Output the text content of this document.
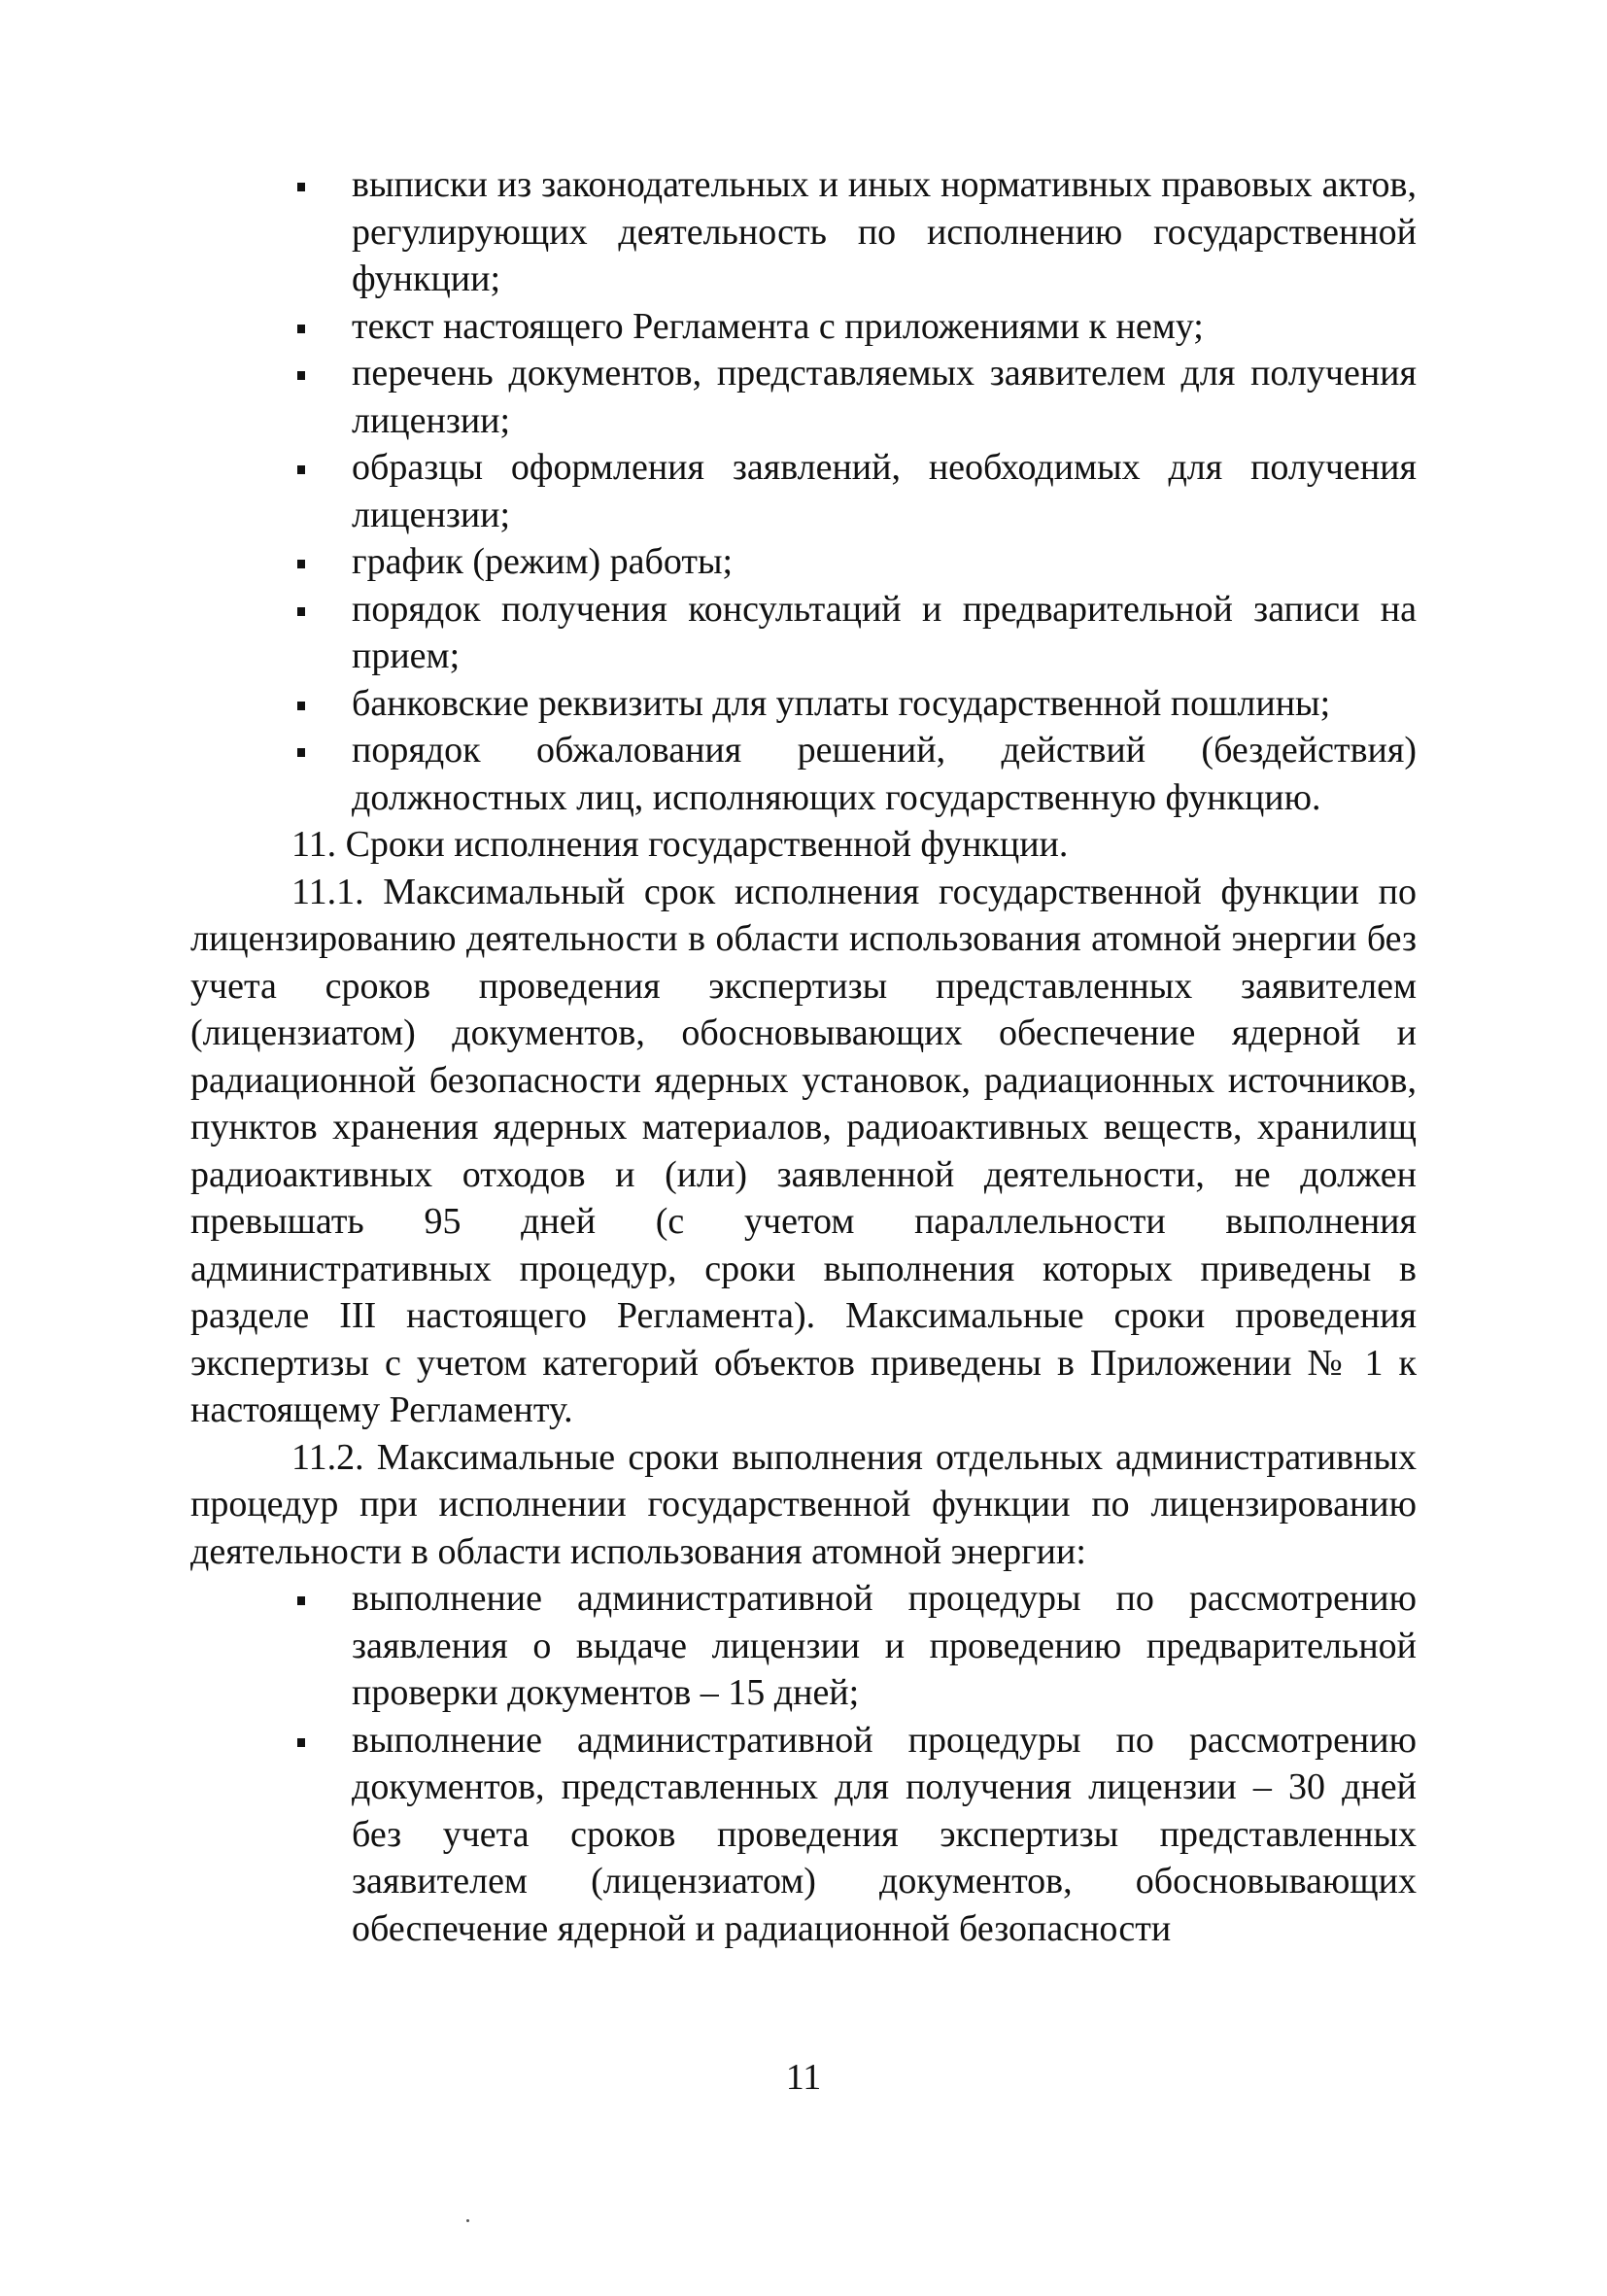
выписки из законодательных и иных нормативных правовых актов, регулирующих деятельность по исполнению государственной функции;
текст настоящего Регламента с приложениями к нему;
перечень документов, представляемых заявителем для получения лицензии;
образцы оформления заявлений, необходимых для получения лицензии;
график (режим) работы;
порядок получения консультаций и предварительной записи на прием;
банковские реквизиты для уплаты государственной пошлины;
порядок обжалования решений, действий (бездействия) должностных лиц, исполняющих государственную функцию.

11. Сроки исполнения государственной функции.

11.1. Максимальный срок исполнения государственной функции по лицензированию деятельности в области использования атомной энергии без учета сроков проведения экспертизы представленных заявителем (лицензиатом) документов, обосновывающих обеспечение ядерной и радиационной безопасности ядерных установок, радиационных источников, пунктов хранения ядерных материалов, радиоактивных веществ, хранилищ радиоактивных отходов и (или) заявленной деятельности, не должен превышать 95 дней (с учетом параллельности выполнения административных процедур, сроки выполнения которых приведены в разделе III настоящего Регламента). Максимальные сроки проведения экспертизы с учетом категорий объектов приведены в Приложении № 1 к настоящему Регламенту.

11.2. Максимальные сроки выполнения отдельных административных процедур при исполнении государственной функции по лицензированию деятельности в области использования атомной энергии:

выполнение административной процедуры по рассмотрению заявления о выдаче лицензии и проведению предварительной проверки документов – 15 дней;
выполнение административной процедуры по рассмотрению документов, представленных для получения лицензии – 30 дней без учета сроков проведения экспертизы представленных заявителем (лицензиатом) документов, обосновывающих обеспечение ядерной и радиационной безопасности
11
